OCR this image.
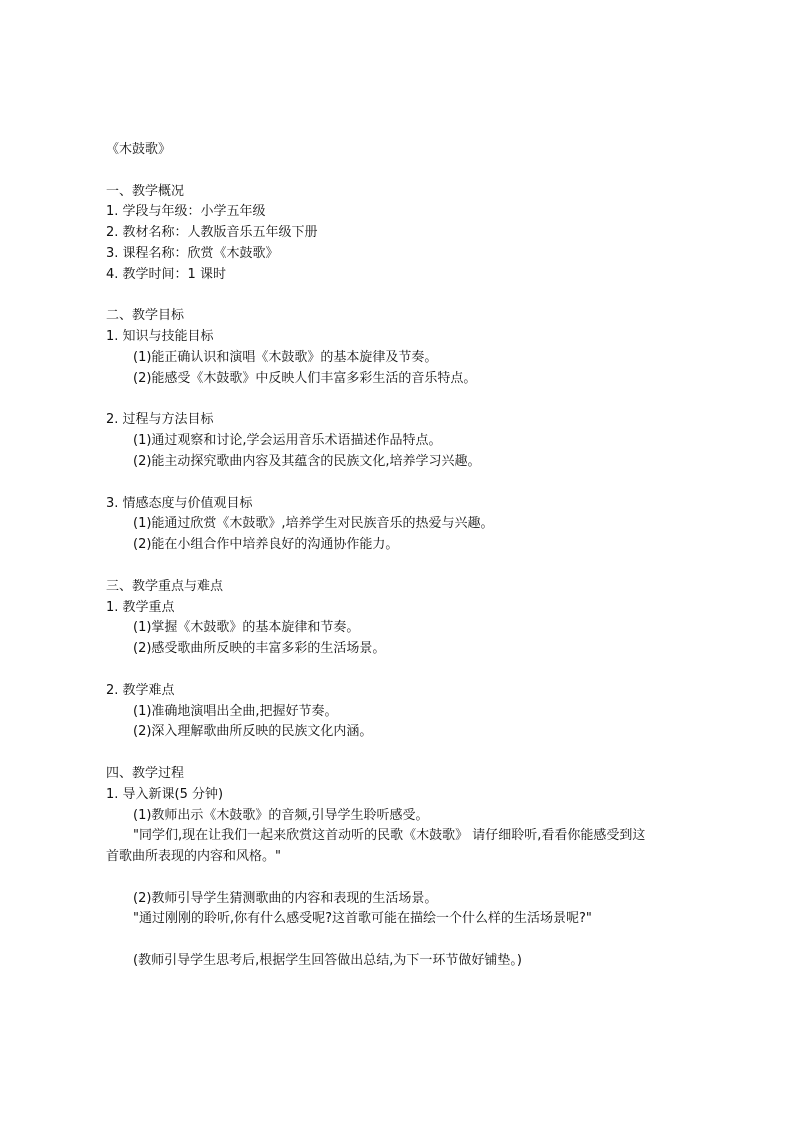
《木鼓歌》
一、教学概况
1. 学段与年级：小学五年级
2. 教材名称：人教版音乐五年级下册
3. 课程名称：欣赏《木鼓歌》
4. 教学时间：1 课时
二、教学目标
1. 知识与技能目标
(1)能正确认识和演唱《木鼓歌》的基本旋律及节奏。
(2)能感受《木鼓歌》中反映人们丰富多彩生活的音乐特点。
2. 过程与方法目标
(1)通过观察和讨论,学会运用音乐术语描述作品特点。
(2)能主动探究歌曲内容及其蕴含的民族文化,培养学习兴趣。
3. 情感态度与价值观目标
(1)能通过欣赏《木鼓歌》,培养学生对民族音乐的热爱与兴趣。
(2)能在小组合作中培养良好的沟通协作能力。
三、教学重点与难点
1. 教学重点
(1)掌握《木鼓歌》的基本旋律和节奏。
(2)感受歌曲所反映的丰富多彩的生活场景。
2. 教学难点
(1)准确地演唱出全曲,把握好节奏。
(2)深入理解歌曲所反映的民族文化内涵。
四、教学过程
1. 导入新课(5 分钟)
(1)教师出示《木鼓歌》的音频,引导学生聆听感受。
"同学们,现在让我们一起来欣赏这首动听的民歌《木鼓歌》 请仔细聆听,看看你能感受到这
首歌曲所表现的内容和风格。"
(2)教师引导学生猜测歌曲的内容和表现的生活场景。
"通过刚刚的聆听,你有什么感受呢?这首歌可能在描绘一个什么样的生活场景呢?"
(教师引导学生思考后,根据学生回答做出总结,为下一环节做好铺垫。)
